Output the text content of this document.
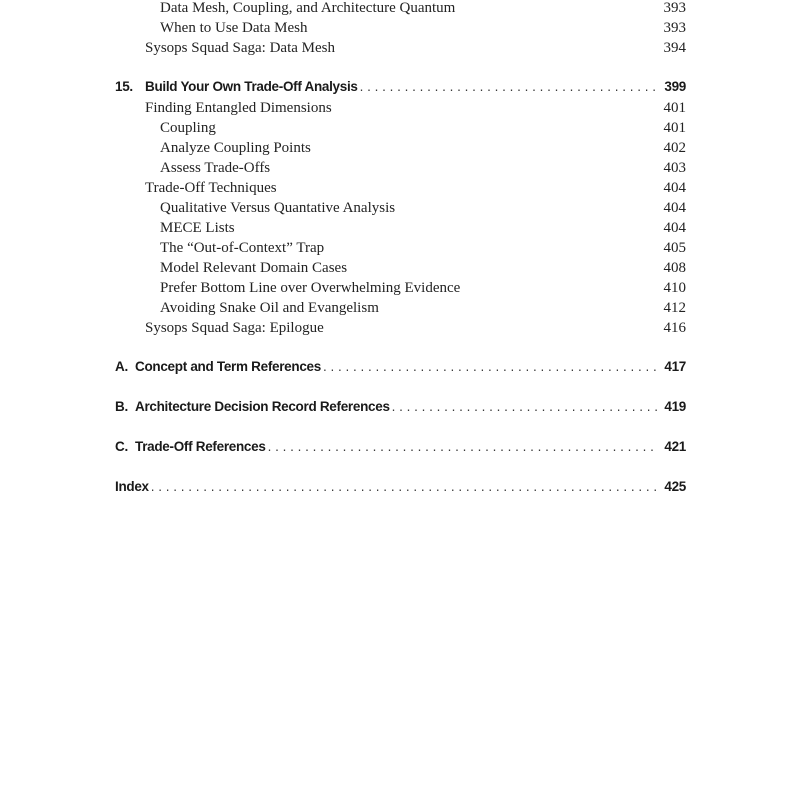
Data Mesh, Coupling, and Architecture Quantum	393
When to Use Data Mesh	393
Sysops Squad Saga: Data Mesh	394
15. Build Your Own Trade-Off Analysis . . .	399
Finding Entangled Dimensions	401
Coupling	401
Analyze Coupling Points	402
Assess Trade-Offs	403
Trade-Off Techniques	404
Qualitative Versus Quantative Analysis	404
MECE Lists	404
The “Out-of-Context” Trap	405
Model Relevant Domain Cases	408
Prefer Bottom Line over Overwhelming Evidence	410
Avoiding Snake Oil and Evangelism	412
Sysops Squad Saga: Epilogue	416
A. Concept and Term References . . .	417
B. Architecture Decision Record References . . .	419
C. Trade-Off References . . .	421
Index . . .	425
